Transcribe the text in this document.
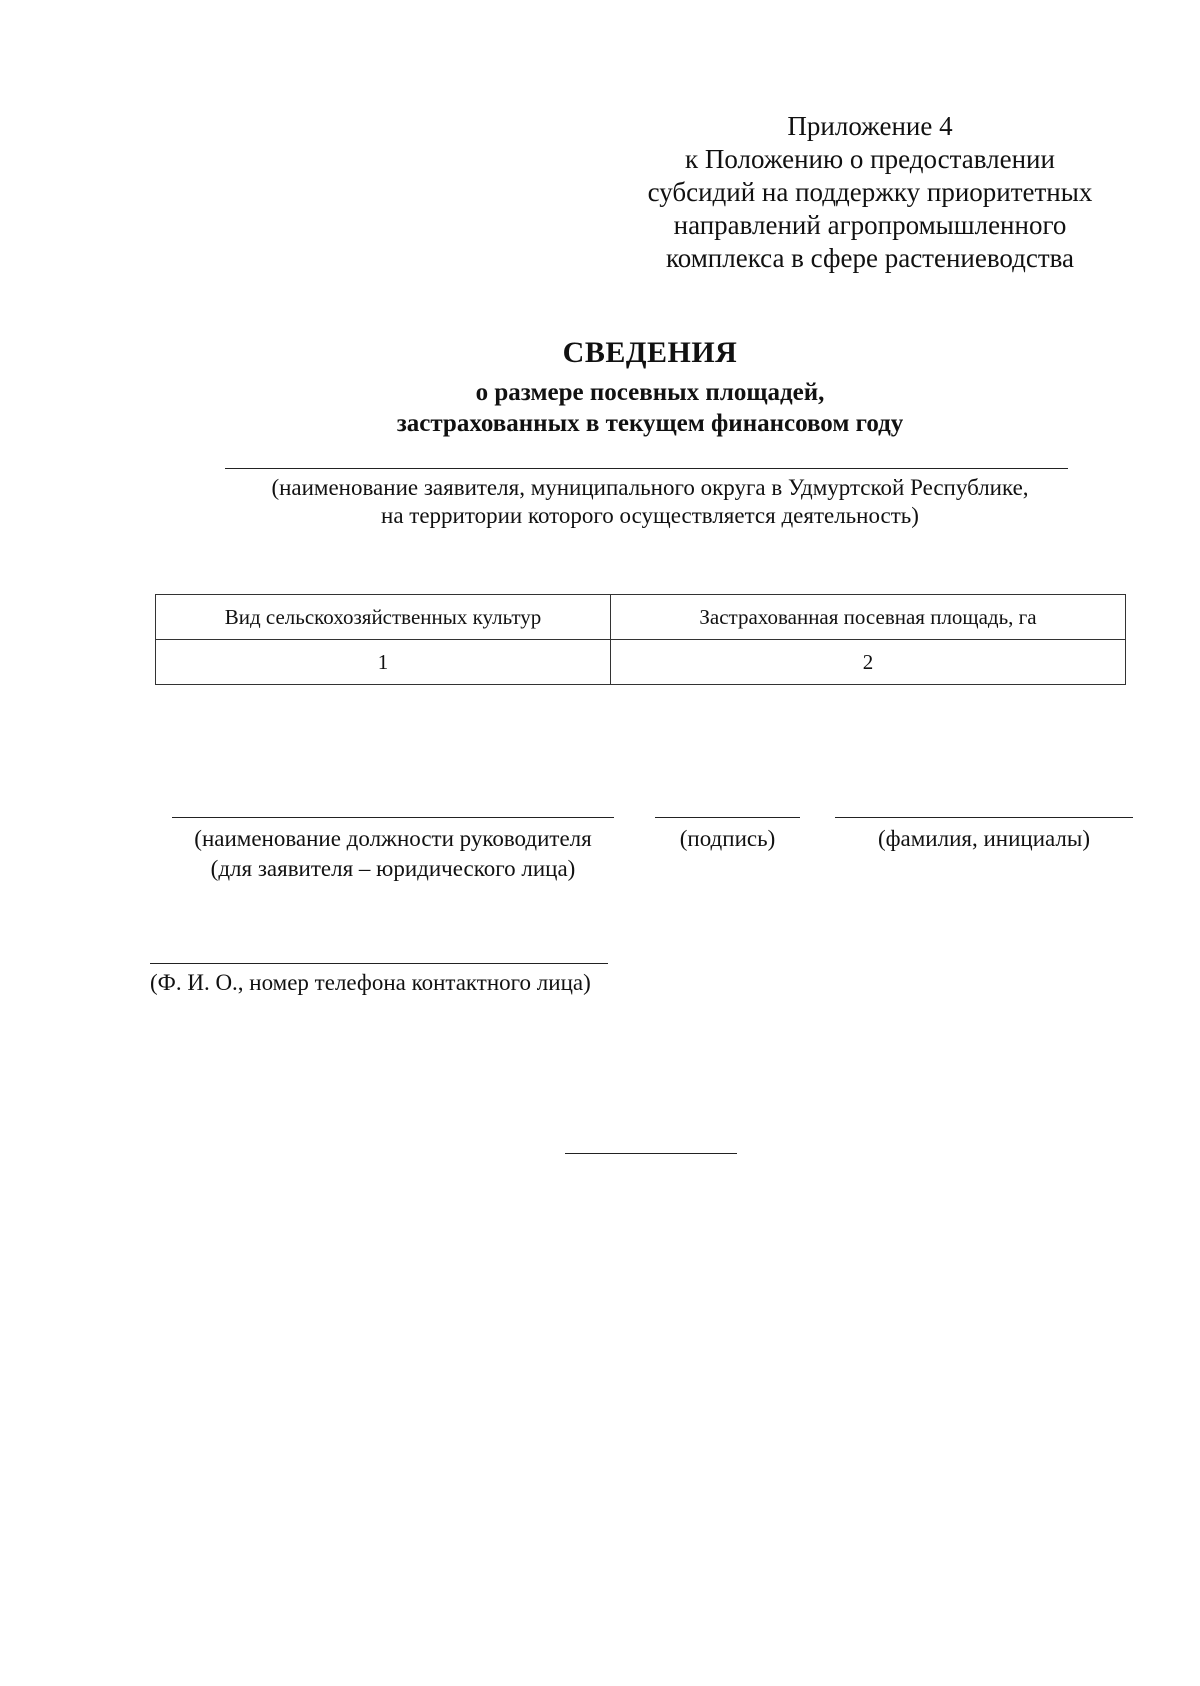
Приложение 4
к Положению о предоставлении
субсидий на поддержку приоритетных
направлений агропромышленного
комплекса в сфере растениеводства
СВЕДЕНИЯ
о размере посевных площадей,
застрахованных в текущем финансовом году
(наименование заявителя, муниципального округа в Удмуртской Республике,
на территории которого осуществляется деятельность)
Вид сельскохозяйственных культур	Застрахованная посевная площадь, га
1	2
(наименование должности руководителя
(для заявителя – юридического лица)
(подпись)	(фамилия, инициалы)
(Ф. И. О., номер телефона контактного лица)
